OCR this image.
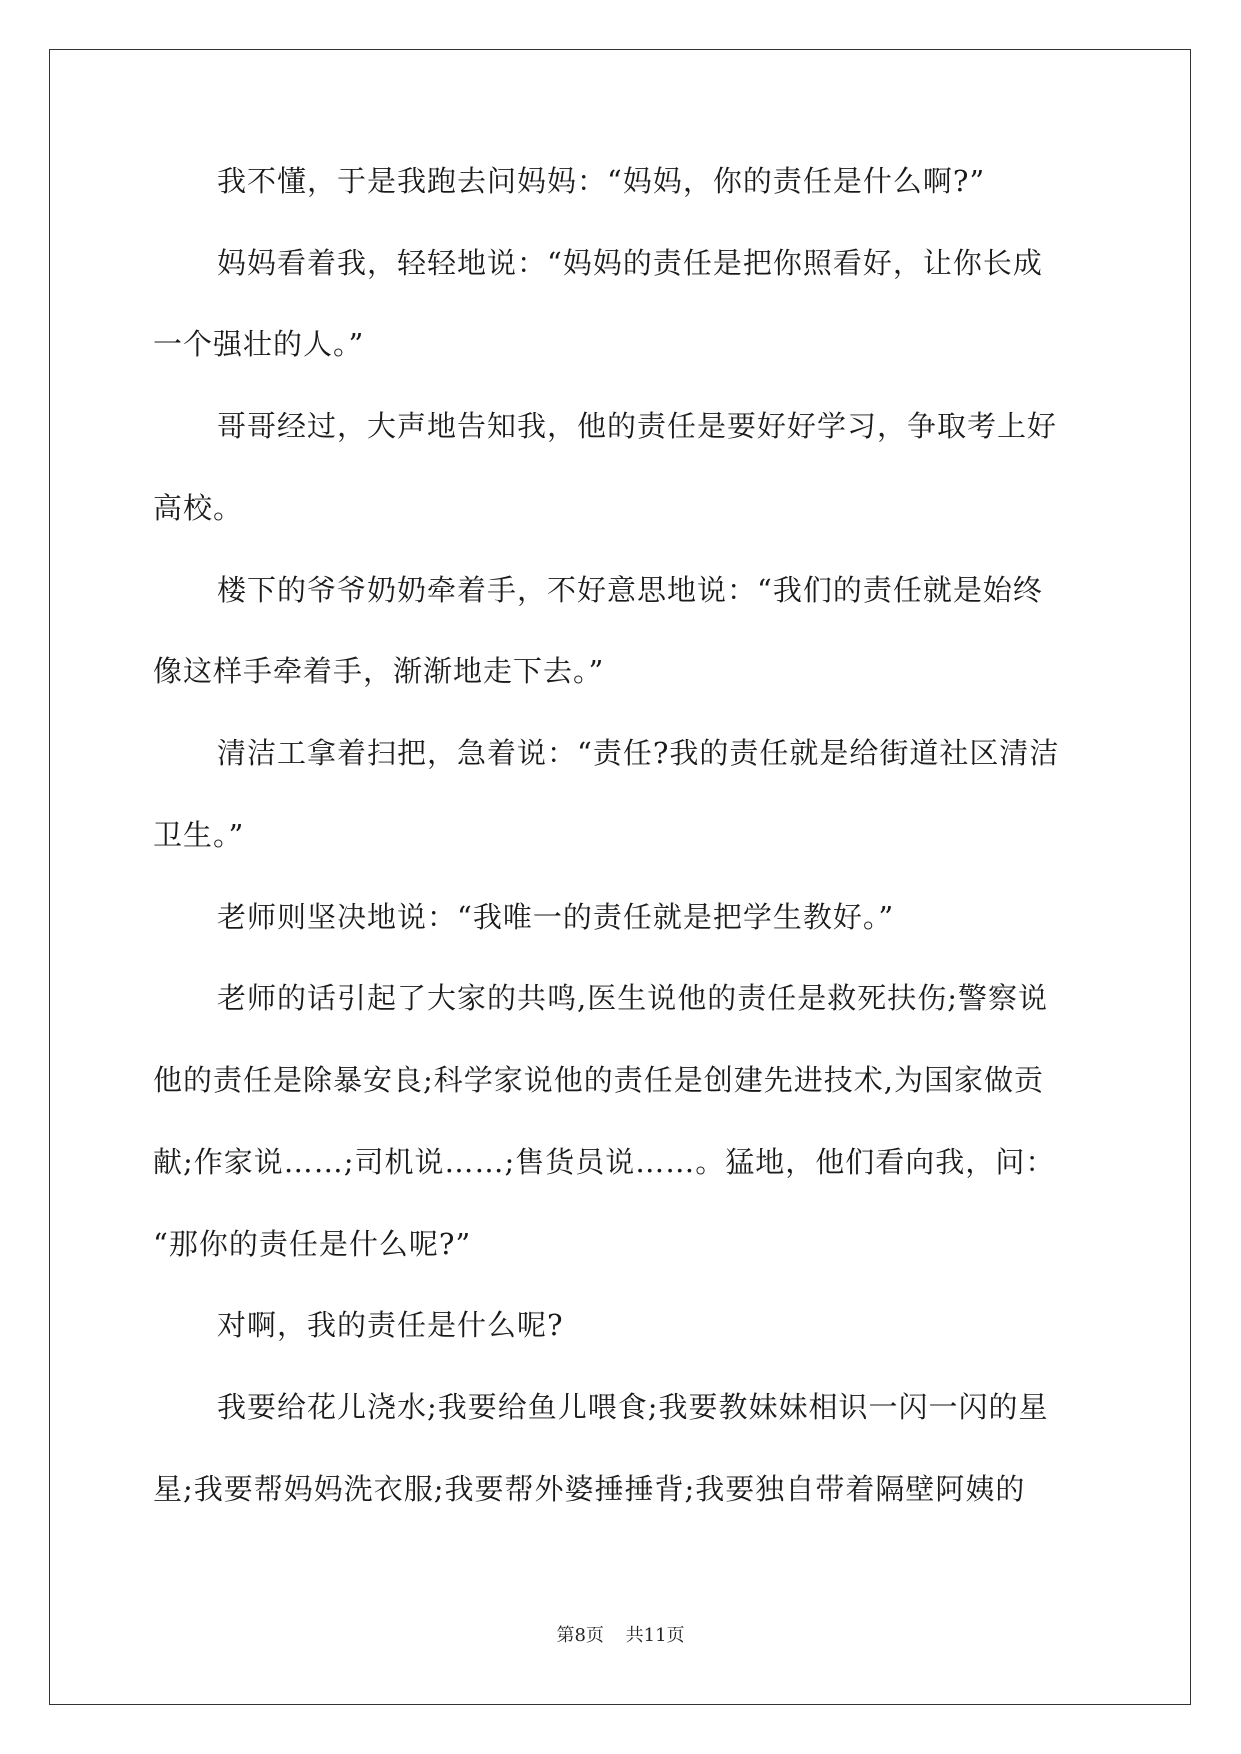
我不懂，于是我跑去问妈妈：“妈妈，你的责任是什么啊?”
妈妈看着我，轻轻地说：“妈妈的责任是把你照看好，让你长成
一个强壮的人。”
哥哥经过，大声地告知我，他的责任是要好好学习，争取考上好
高校。
楼下的爷爷奶奶牵着手，不好意思地说：“我们的责任就是始终
像这样手牵着手，渐渐地走下去。”
清洁工拿着扫把，急着说：“责任?我的责任就是给街道社区清洁
卫生。”
老师则坚决地说：“我唯一的责任就是把学生教好。”
老师的话引起了大家的共鸣,医生说他的责任是救死扶伤;警察说
他的责任是除暴安良;科学家说他的责任是创建先进技术,为国家做贡
献;作家说……;司机说……;售货员说……。猛地，他们看向我，问：
“那你的责任是什么呢?”
对啊，我的责任是什么呢?
我要给花儿浇水;我要给鱼儿喂食;我要教妹妹相识一闪一闪的星
星;我要帮妈妈洗衣服;我要帮外婆捶捶背;我要独自带着隔壁阿姨的
第8页 共11页
